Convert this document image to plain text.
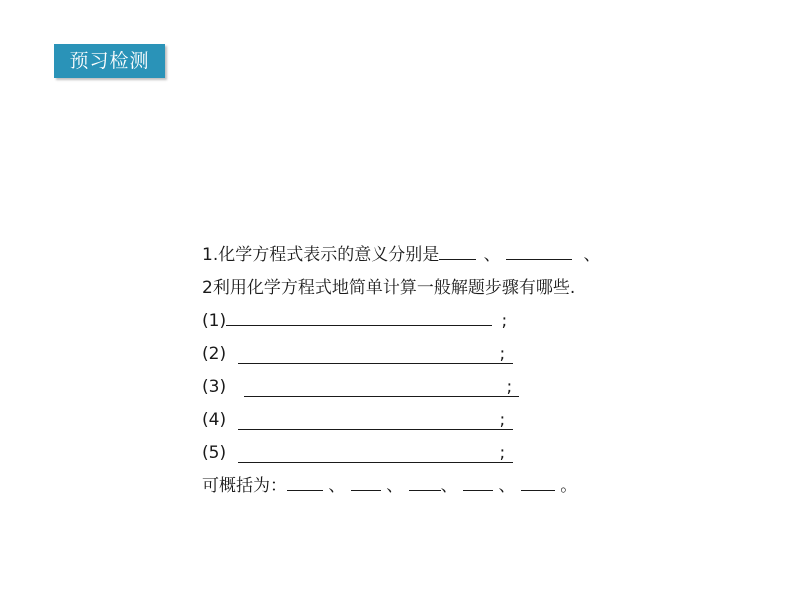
预习检测
1.化学方程式表示的意义分别是	、	、
2利用化学方程式地简单计算一般解题步骤有哪些.
(1)	;
(2)	;
(3)	;
(4)	;
(5)	;
可概括为： 、 、 、 、	。
